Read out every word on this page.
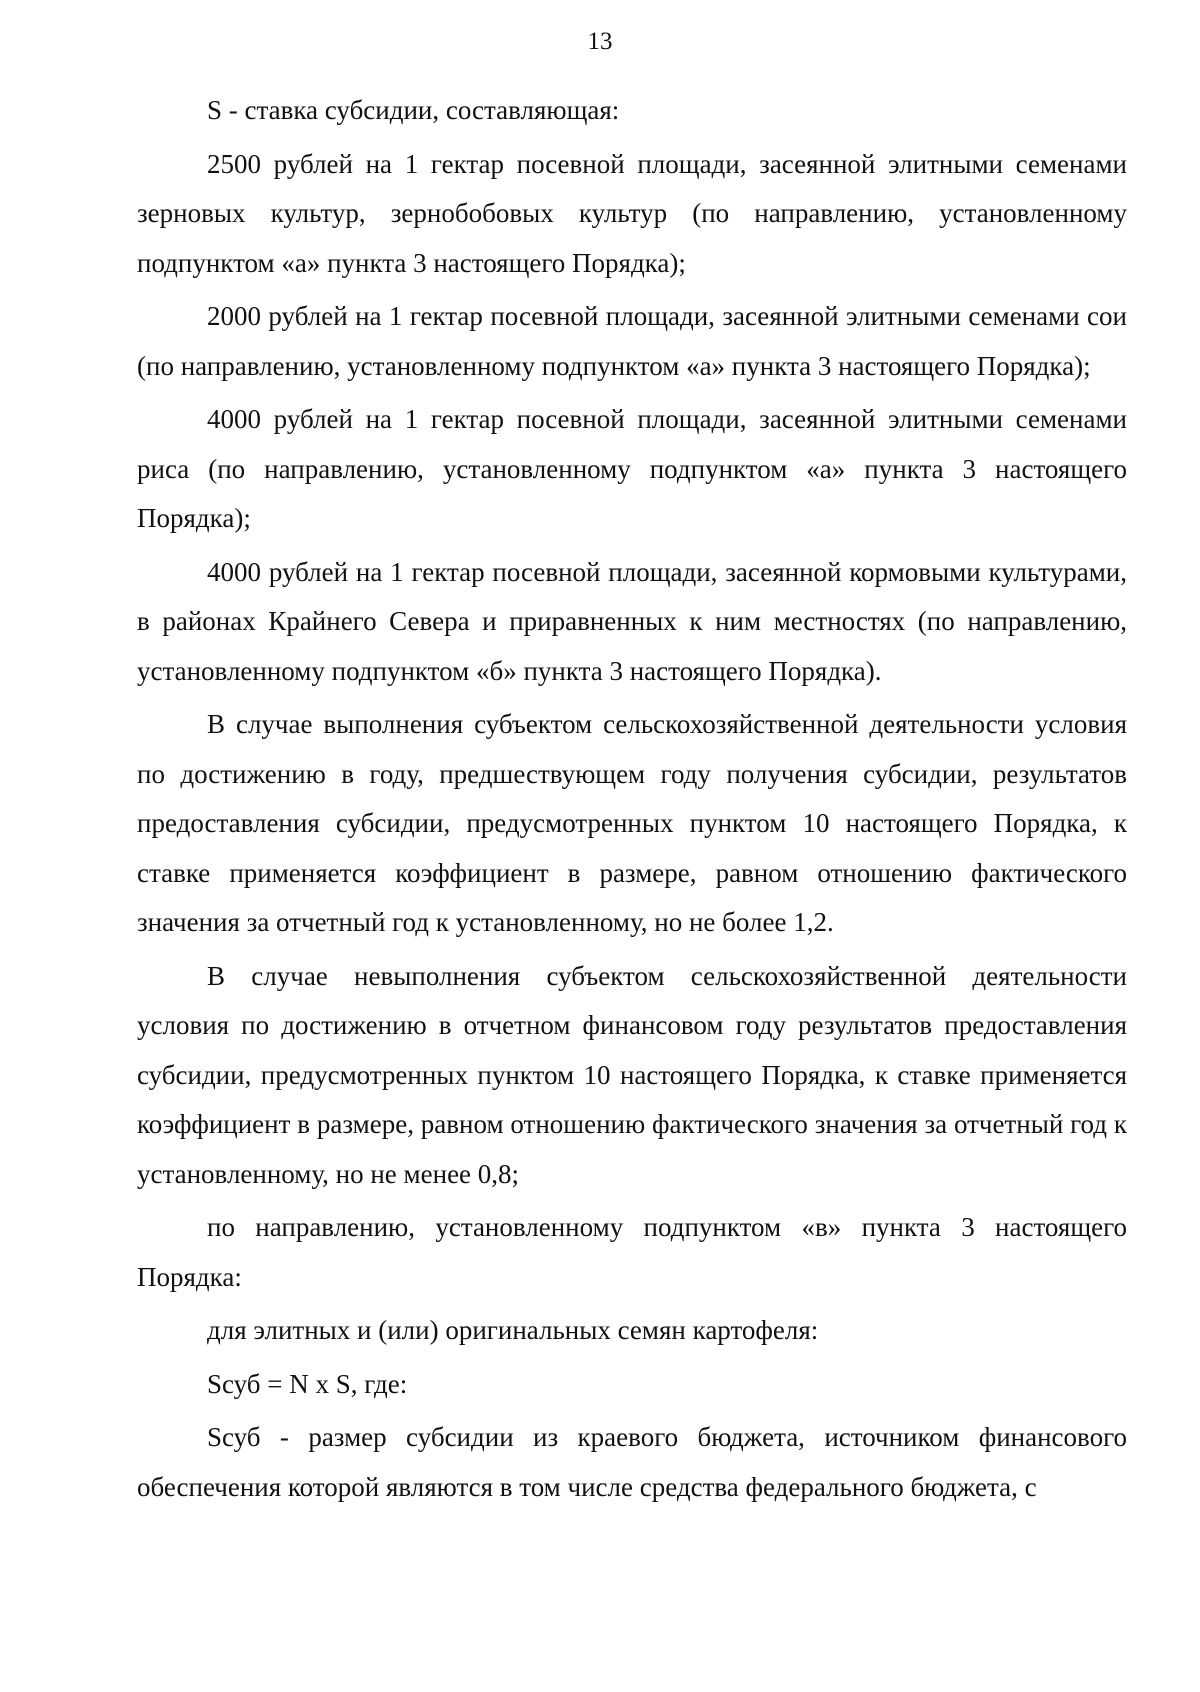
13

S - ставка субсидии, составляющая:

2500 рублей на 1 гектар посевной площади, засеянной элитными семенами зерновых культур, зернобобовых культур (по направлению, установленному подпунктом «а» пункта 3 настоящего Порядка);

2000 рублей на 1 гектар посевной площади, засеянной элитными семенами сои (по направлению, установленному подпунктом «а» пункта 3 настоящего Порядка);

4000 рублей на 1 гектар посевной площади, засеянной элитными семенами риса (по направлению, установленному подпунктом «а» пункта 3 настоящего Порядка);

4000 рублей на 1 гектар посевной площади, засеянной кормовыми культурами, в районах Крайнего Севера и приравненных к ним местностях (по направлению, установленному подпунктом «б» пункта 3 настоящего Порядка).

В случае выполнения субъектом сельскохозяйственной деятельности условия по достижению в году, предшествующем году получения субсидии, результатов предоставления субсидии, предусмотренных пунктом 10 настоящего Порядка, к ставке применяется коэффициент в размере, равном отношению фактического значения за отчетный год к установленному, но не более 1,2.

В случае невыполнения субъектом сельскохозяйственной деятельности условия по достижению в отчетном финансовом году результатов предоставления субсидии, предусмотренных пунктом 10 настоящего Порядка, к ставке применяется коэффициент в размере, равном отношению фактического значения за отчетный год к установленному, но не менее 0,8;

по направлению, установленному подпунктом «в» пункта 3 настоящего Порядка:

для элитных и (или) оригинальных семян картофеля:

Sсуб = N x S, где:

Sсуб - размер субсидии из краевого бюджета, источником финансового обеспечения которой являются в том числе средства федерального бюджета, с
